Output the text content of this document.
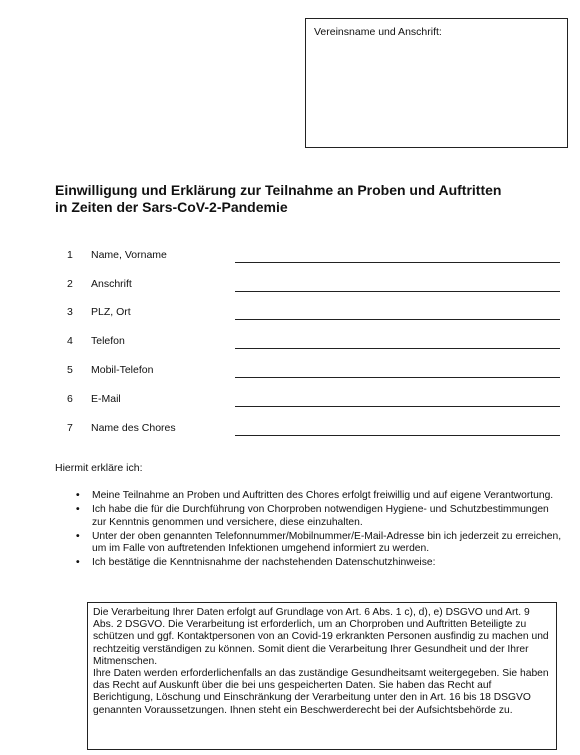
Vereinsname und Anschrift:
Einwilligung und Erklärung zur Teilnahme an Proben und Auftritten
in Zeiten der Sars-CoV-2-Pandemie
1 Name, Vorname
2 Anschrift
3 PLZ, Ort
4 Telefon
5 Mobil-Telefon
6 E-Mail
7 Name des Chores
Hiermit erkläre ich:
• Meine Teilnahme an Proben und Auftritten des Chores erfolgt freiwillig und auf eigene Verantwortung.
• Ich habe die für die Durchführung von Chorproben notwendigen Hygiene- und Schutzbestimmungen zur Kenntnis genommen und versichere, diese einzuhalten.
• Unter der oben genannten Telefonnummer/Mobilnummer/E-Mail-Adresse bin ich jederzeit zu erreichen, um im Falle von auftretenden Infektionen umgehend informiert zu werden.
• Ich bestätige die Kenntnisnahme der nachstehenden Datenschutzhinweise:

Die Verarbeitung Ihrer Daten erfolgt auf Grundlage von Art. 6 Abs. 1 c), d), e) DSGVO und Art. 9 Abs. 2 DSGVO. Die Verarbeitung ist erforderlich, um an Chorproben und Auftritten Beteiligte zu schützen und ggf. Kontaktpersonen von an Covid-19 erkrankten Personen ausfindig zu machen und rechtzeitig verständigen zu können. Somit dient die Verarbeitung Ihrer Gesundheit und der Ihrer Mitmenschen.

Ihre Daten werden erforderlichenfalls an das zuständige Gesundheitsamt weitergegeben. Sie haben das Recht auf Auskunft über die bei uns gespeicherten Daten. Sie haben das Recht auf Berichtigung, Löschung und Einschränkung der Verarbeitung unter den in Art. 16 bis 18 DSGVO genannten Voraussetzungen. Ihnen steht ein Beschwerderecht bei der Aufsichtsbehörde zu.
